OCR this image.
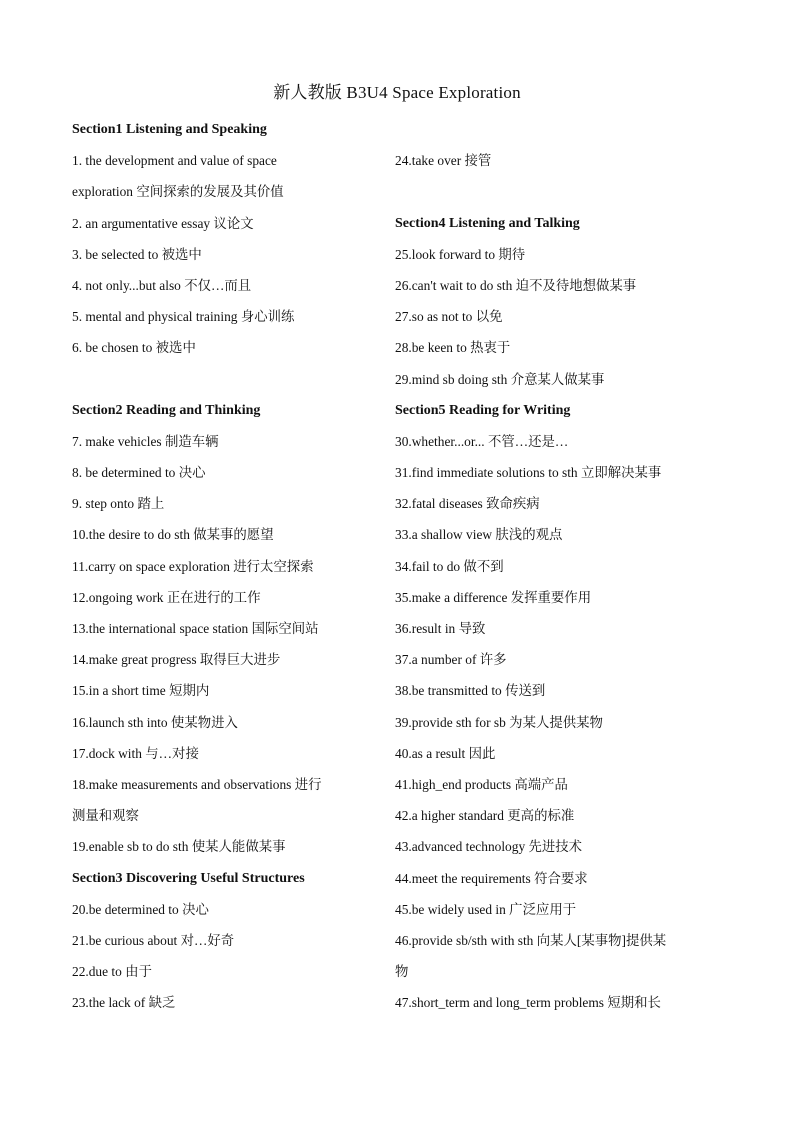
新人教版 B3U4 Space Exploration
Section1 Listening and Speaking
1. the development and value of space
exploration 空间探索的发展及其价值
2. an argumentative essay 议论文
3. be selected to 被选中
4. not only...but also 不仅…而且
5. mental and physical training 身心训练
6. be chosen to 被选中
Section2 Reading and Thinking
7. make vehicles 制造车辆
8. be determined to 决心
9. step onto 踏上
10.the desire to do sth 做某事的愿望
11.carry on space exploration 进行太空探索
12.ongoing work 正在进行的工作
13.the international space station 国际空间站
14.make great progress 取得巨大进步
15.in a short time 短期内
16.launch sth into 使某物进入
17.dock with 与…对接
18.make measurements and observations 进行
测量和观察
19.enable sb to do sth 使某人能做某事
Section3 Discovering Useful Structures
20.be determined to 决心
21.be curious about 对…好奇
22.due to 由于
23.the lack of 缺乏
24.take over 接管
Section4 Listening and Talking
25.look forward to 期待
26.can't wait to do sth 迫不及待地想做某事
27.so as not to 以免
28.be keen to 热衷于
29.mind sb doing sth 介意某人做某事
Section5 Reading for Writing
30.whether...or... 不管…还是…
31.find immediate solutions to sth 立即解决某事
32.fatal diseases 致命疾病
33.a shallow view 肤浅的观点
34.fail to do 做不到
35.make a difference 发挥重要作用
36.result in 导致
37.a number of 许多
38.be transmitted to 传送到
39.provide sth for sb 为某人提供某物
40.as a result 因此
41.high_end products 高端产品
42.a higher standard 更高的标准
43.advanced technology 先进技术
44.meet the requirements 符合要求
45.be widely used in 广泛应用于
46.provide sb/sth with sth 向某人[某事物]提供某
物
47.short_term and long_term problems 短期和长
